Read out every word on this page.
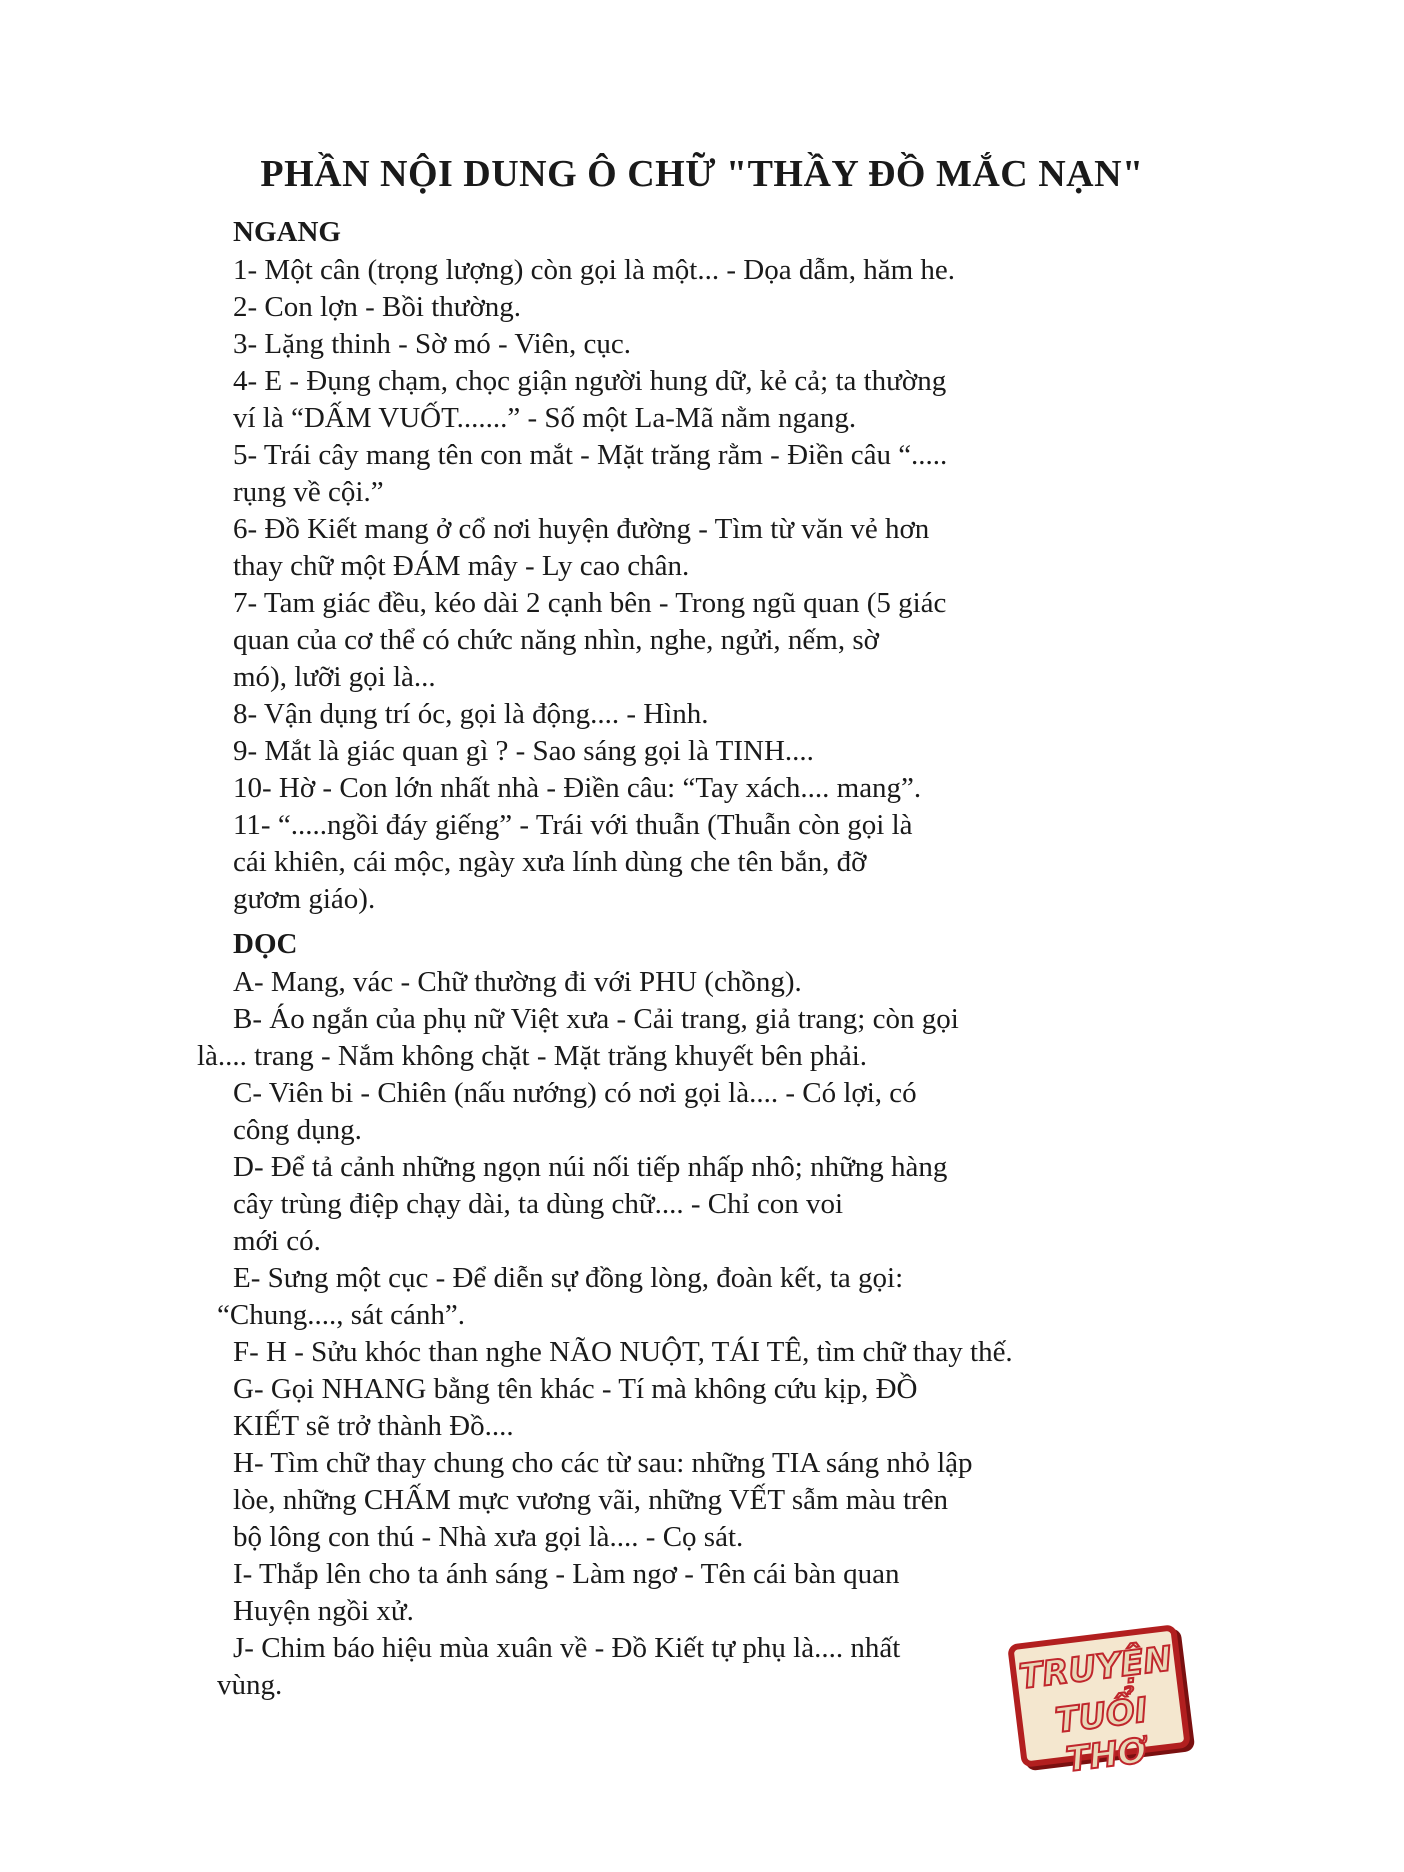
PHẦN NỘI DUNG Ô CHỮ "THẦY ĐỒ MẮC NẠN"
NGANG
1- Một cân (trọng lượng) còn gọi là một... - Dọa dẫm, hăm he.
2- Con lợn - Bồi thường.
3- Lặng thinh - Sờ mó - Viên, cục.
4- E - Đụng chạm, chọc giận người hung dữ, kẻ cả; ta thường
ví là “DẤM VUỐT.......” - Số một La-Mã nằm ngang.
5- Trái cây mang tên con mắt - Mặt trăng rằm - Điền câu “.....
rụng về cội.”
6- Đồ Kiết mang ở cổ nơi huyện đường - Tìm từ văn vẻ hơn
thay chữ một ĐÁM mây - Ly cao chân.
7- Tam giác đều, kéo dài 2 cạnh bên - Trong ngũ quan (5 giác
quan của cơ thể có chức năng nhìn, nghe, ngửi, nếm, sờ
mó), lưỡi gọi là...
8- Vận dụng trí óc, gọi là động.... - Hình.
9- Mắt là giác quan gì ? - Sao sáng gọi là TINH....
10- Hờ - Con lớn nhất nhà - Điền câu: “Tay xách.... mang”.
11- “.....ngồi đáy giếng” - Trái với thuẫn (Thuẫn còn gọi là
cái khiên, cái mộc, ngày xưa lính dùng che tên bắn, đỡ
gươm giáo).
DỌC
A- Mang, vác - Chữ thường đi với PHU (chồng).
B- Áo ngắn của phụ nữ Việt xưa - Cải trang, giả trang; còn gọi
là.... trang - Nắm không chặt - Mặt trăng khuyết bên phải.
C- Viên bi - Chiên (nấu nướng) có nơi gọi là.... - Có lợi, có
công dụng.
D- Để tả cảnh những ngọn núi nối tiếp nhấp nhô; những hàng
cây trùng điệp chạy dài, ta dùng chữ.... - Chỉ con voi
mới có.
E- Sưng một cục - Để diễn sự đồng lòng, đoàn kết, ta gọi:
“Chung...., sát cánh”.
F- H - Sửu khóc than nghe NÃO NUỘT, TÁI TÊ, tìm chữ thay thế.
G- Gọi NHANG bằng tên khác - Tí mà không cứu kịp, ĐỒ
KIẾT sẽ trở thành Đồ....
H- Tìm chữ thay chung cho các từ sau: những TIA sáng nhỏ lập
lòe, những CHẤM mực vương vãi, những VẾT sẫm màu trên
bộ lông con thú - Nhà xưa gọi là.... - Cọ sát.
I- Thắp lên cho ta ánh sáng - Làm ngơ - Tên cái bàn quan
Huyện ngồi xử.
J- Chim báo hiệu mùa xuân về - Đồ Kiết tự phụ là.... nhất
vùng.	TRUYỆN
TUỔI THƠ
